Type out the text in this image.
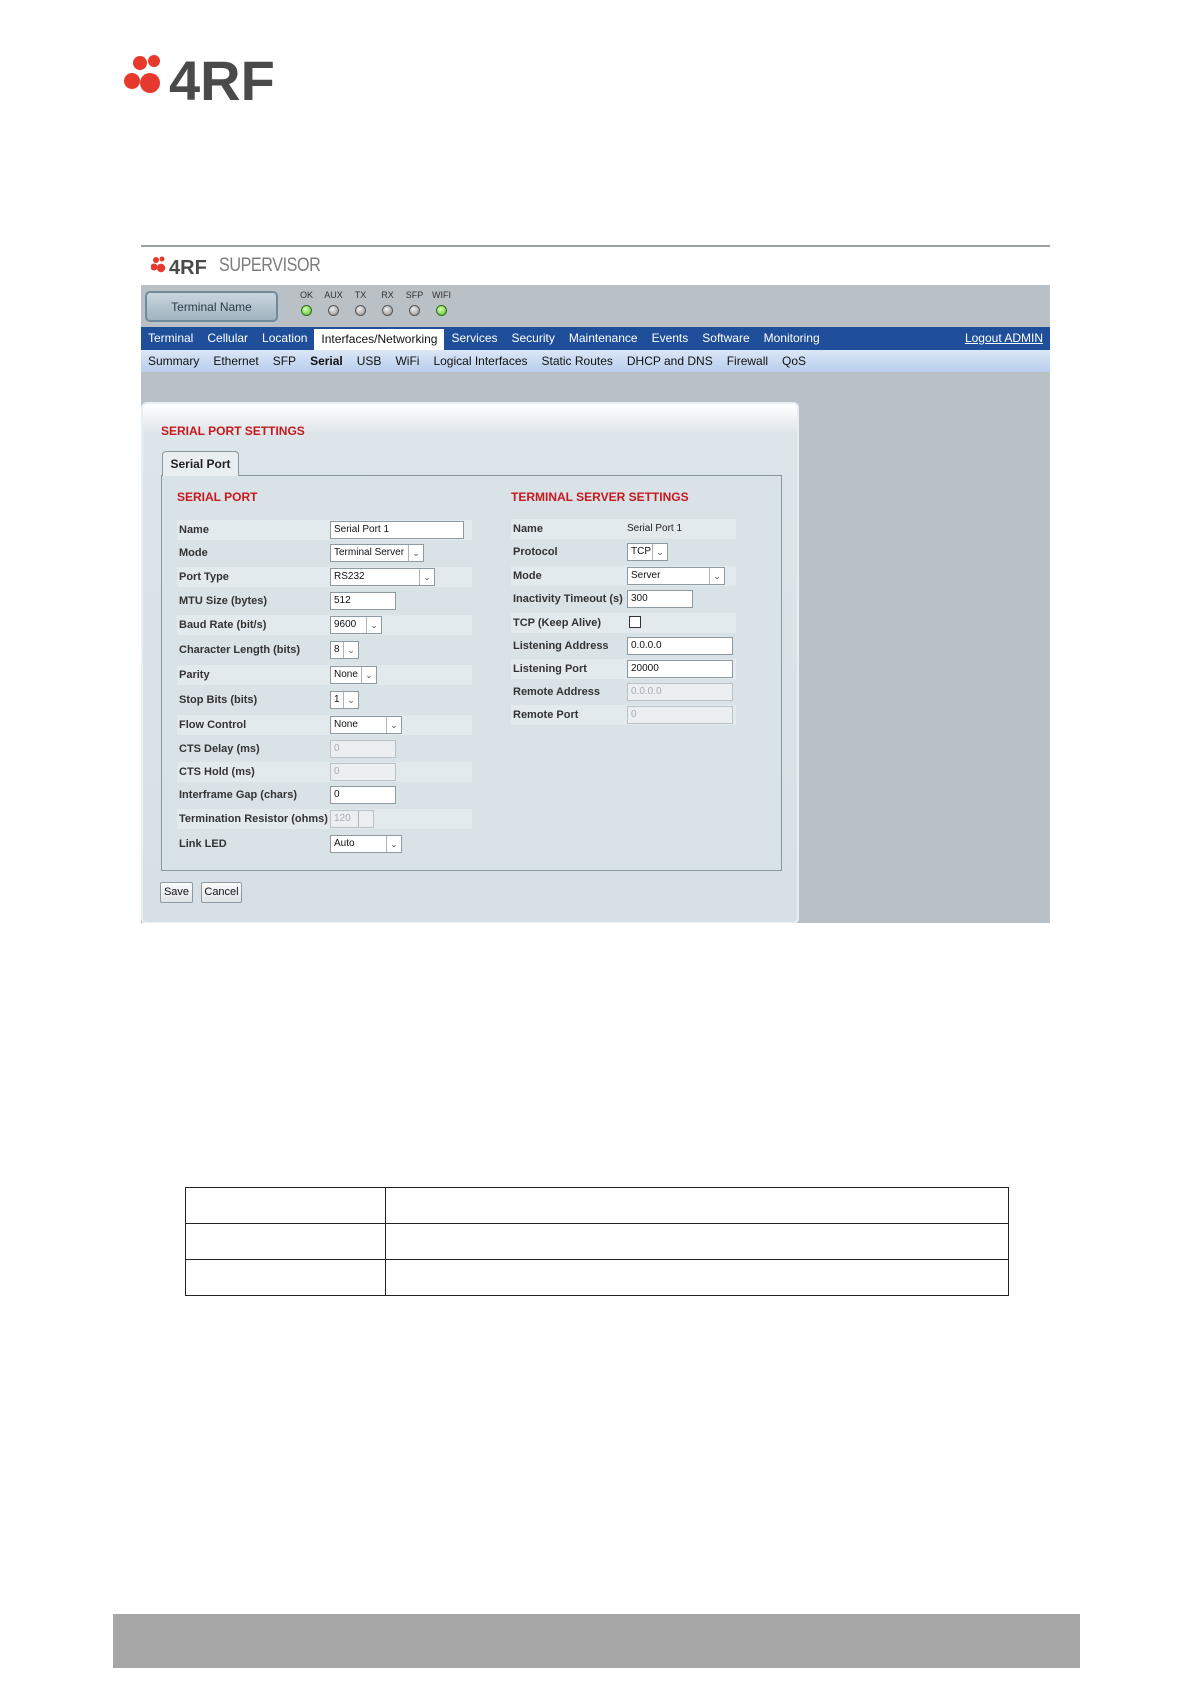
4RF
4RF SUPERVISOR
Terminal Name
OK AUX TX RX SFP WIFI
Terminal	Cellular	Location	Interfaces/Networking	Services	Security	Maintenance	Events	Software	Monitoring	Logout ADMIN
Summary	Ethernet	SFP	Serial	USB	WiFi	Logical Interfaces	Static Routes	DHCP and DNS	Firewall	QoS
SERIAL PORT SETTINGS
Serial Port
SERIAL PORT
Name	Serial Port 1
Mode	Terminal Server ⌄
Port Type	RS232	⌄
MTU Size (bytes)	512
Baud Rate (bit/s)	9600	⌄
Character Length (bits)	8 ⌄
Parity	None ⌄
Stop Bits (bits)	1 ⌄
Flow Control	None	⌄
CTS Delay (ms)	0
CTS Hold (ms)	0
Interframe Gap (chars)	0
Termination Resistor (ohms) 120
Link LED	Auto	⌄
TERMINAL SERVER SETTINGS
Name	Serial Port 1
Protocol	TCP ⌄
Mode	Server	⌄
Inactivity Timeout (s) 300
TCP (Keep Alive)
Listening Address	0.0.0.0
Listening Port	20000
Remote Address	0.0.0.0
Remote Port	0
Save	Cancel
